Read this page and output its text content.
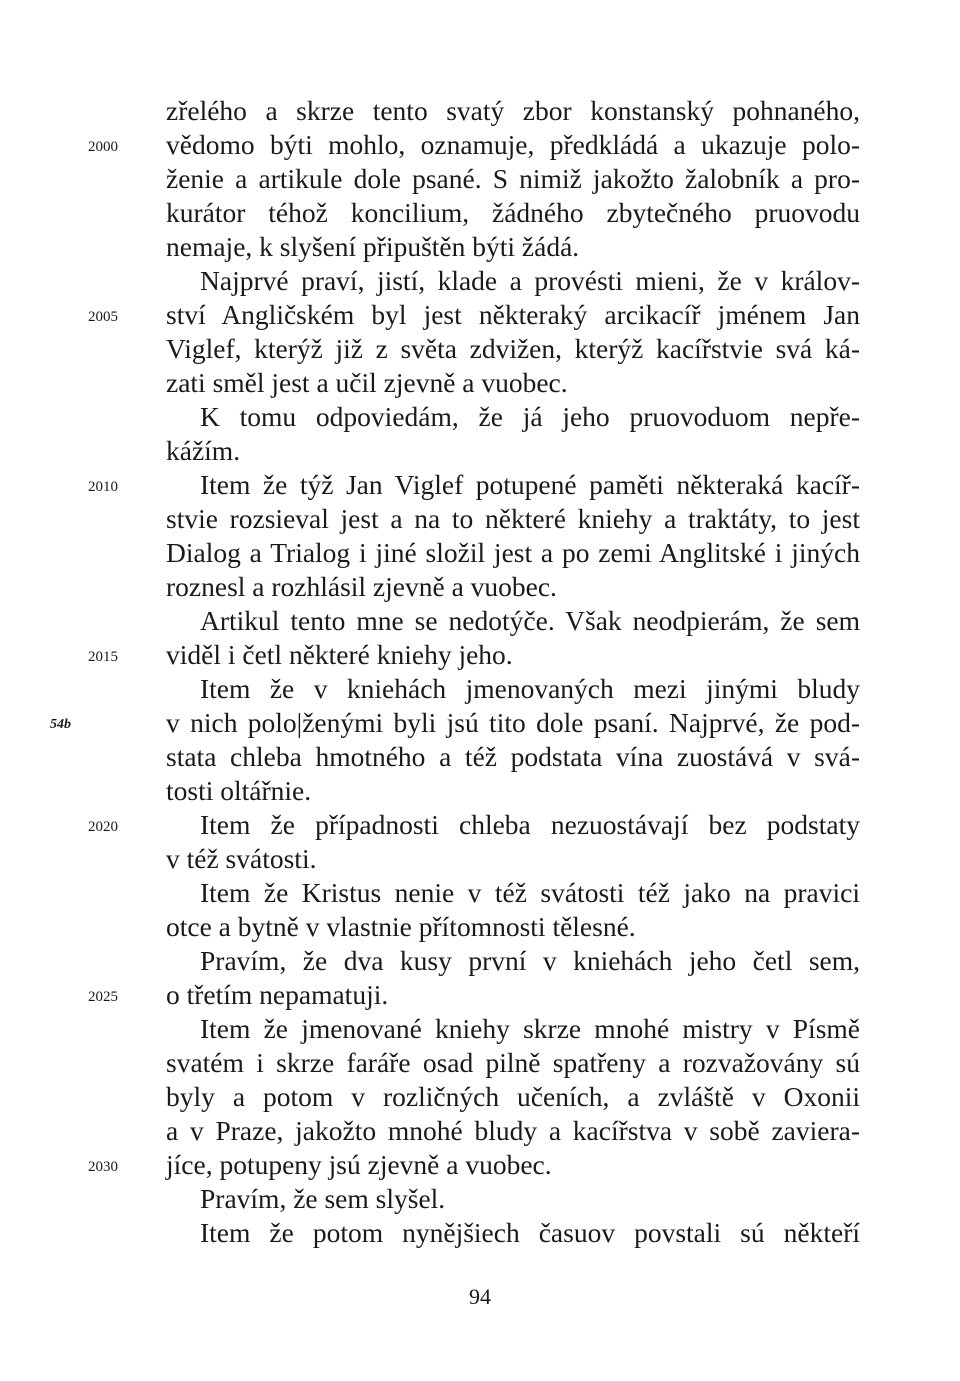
zřelého a skrze tento svatý zbor konstanský pohnaného,
vědomo býti mohlo, oznamuje, předkládá a ukazuje polo-
ženie a artikule dole psané. S nimiž jakožto žalobník a pro-
kurátor téhož koncilium, žádného zbytečného pruovodu
nemaje, k slyšení připuštěn býti žádá.
Najprvé praví, jistí, klade a provésti mieni, že v králov-
ství Angličském byl jest některaký arcikacíř jménem Jan
Viglef, kterýž již z světa zdvižen, kterýž kacířstvie svá ká-
zati směl jest a učil zjevně a vuobec.
K tomu odpoviedám, že já jeho pruovoduom nepře-
kážím.
Item že týž Jan Viglef potupené paměti některaká kacíř-
stvie rozsieval jest a na to některé kniehy a traktáty, to jest
Dialog a Trialog i jiné složil jest a po zemi Anglitské i jiných
roznesl a rozhlásil zjevně a vuobec.
Artikul tento mne se nedotýče. Však neodpierám, že sem
viděl i četl některé kniehy jeho.
Item že v kniehách jmenovaných mezi jinými bludy
v nich polo|ženými byli jsú tito dole psaní. Najprvé, že pod-
stata chleba hmotného a též podstata vína zuostává v svá-
tosti oltářnie.
Item že případnosti chleba nezuostávají bez podstaty
v též svátosti.
Item že Kristus nenie v též svátosti též jako na pravici
otce a bytně v vlastnie přítomnosti tělesné.
Pravím, že dva kusy první v kniehách jeho četl sem,
o třetím nepamatuji.
Item že jmenované kniehy skrze mnohé mistry v Písmě
svatém i skrze faráře osad pilně spatřeny a rozvažovány sú
byly a potom v rozličných učeních, a zvláště v Oxonii
a v Praze, jakožto mnohé bludy a kacířstva v sobě zaviera-
jíce, potupeny jsú zjevně a vuobec.
Pravím, že sem slyšel.
Item že potom nynějšiech časuov povstali sú někteří
2000
2005
2010
2015
2020
2025
2030
54b
94
